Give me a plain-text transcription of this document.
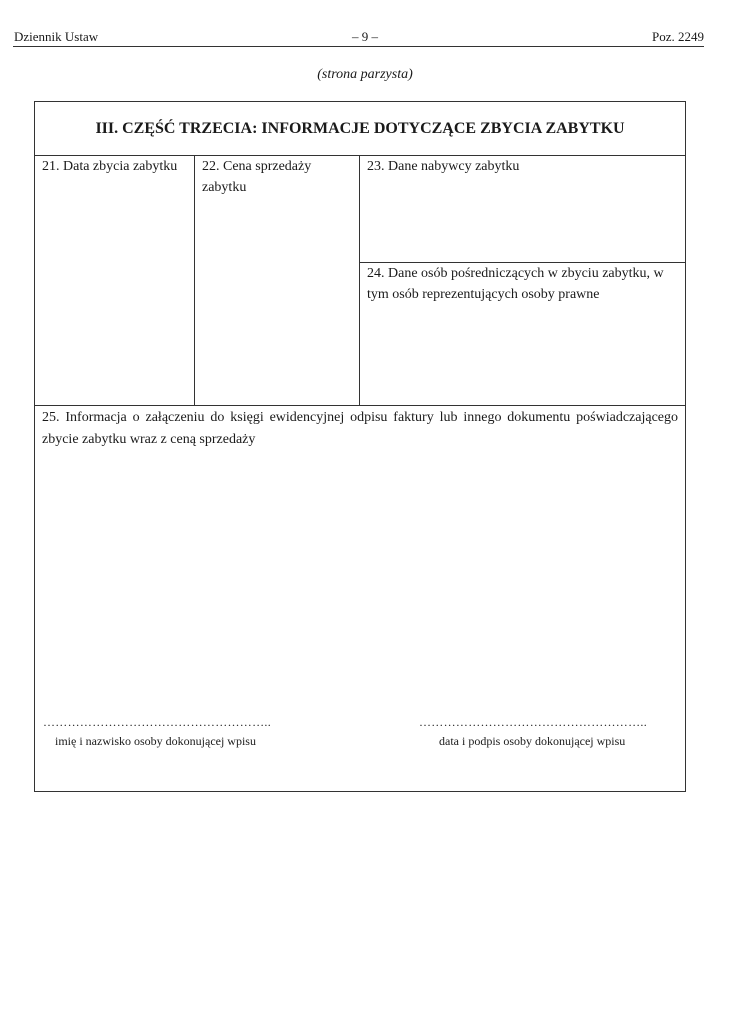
Dziennik Ustaw	– 9 –	Poz. 2249
(strona parzysta)
III. CZĘŚĆ TRZECIA: INFORMACJE DOTYCZĄCE ZBYCIA ZABYTKU
21. Data zbycia zabytku	22. Cena sprzedaży zabytku
23. Dane nabywcy zabytku
24. Dane osób pośredniczących w zbyciu zabytku, w tym osób reprezentujących osoby prawne
25. Informacja o załączeniu do księgi ewidencyjnej odpisu faktury lub innego dokumentu poświadczającego zbycie zabytku wraz z ceną sprzedaży
………………………………………………..	………………………………………………..
imię i nazwisko osoby dokonującej wpisu	data i podpis osoby dokonującej wpisu
